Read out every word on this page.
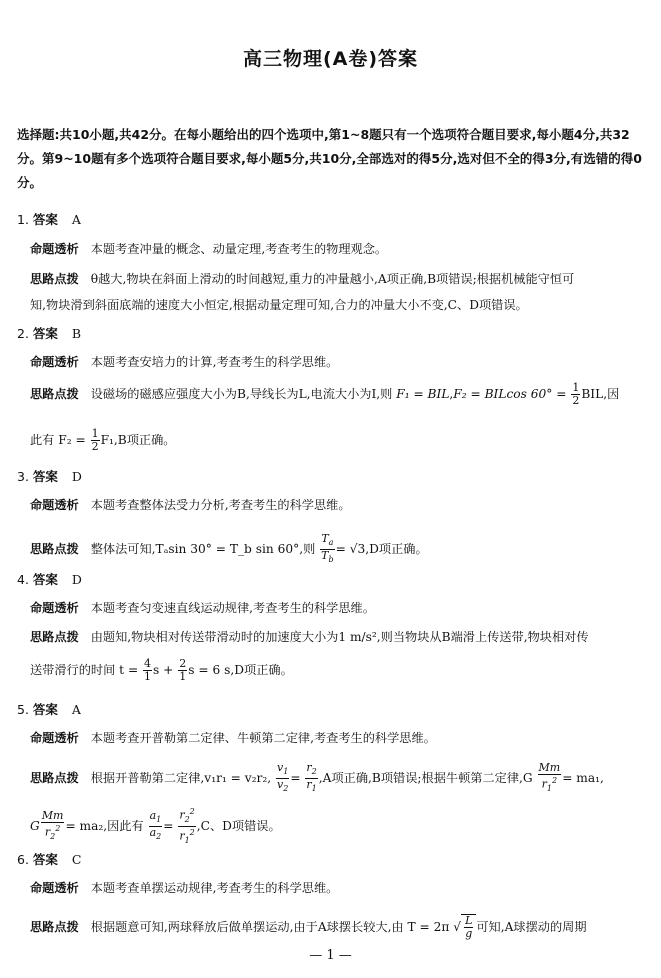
高三物理(A卷)答案
选择题:共10小题,共42分。在每小题给出的四个选项中,第1~8题只有一个选项符合题目要求,每小题4分,共32分。第9~10题有多个选项符合题目要求,每小题5分,共10分,全部选对的得5分,选对但不全的得3分,有选错的得0分。
1. 答案 A
命题透析 本题考查冲量的概念、动量定理,考查考生的物理观念。
思路点拨 θ越大,物块在斜面上滑动的时间越短,重力的冲量越小,A项正确,B项错误;根据机械能守恒可
知,物块滑到斜面底端的速度大小恒定,根据动量定理可知,合力的冲量大小不变,C、D项错误。
2. 答案 B
命题透析 本题考查安培力的计算,考查考生的科学思维。
思路点拨 设磁场的磁感应强度大小为B,导线长为L,电流大小为I,则 F₁ = BIL,F₂ = BILcos $60^\circ = \frac{1}{2}$ BIL,因
此有 $F_2 = \frac{1}{2} F_1,B$项正确。
3. 答案 D
命题透析 本题考查整体法受力分析,考查考生的科学思维。
思路点拨 整体法可知,Tₐsin 30° = T_b sin 60°,则 $\frac{T_a}{T_b} = √3,D$项正确。
4. 答案 D
命题透析 本题考查匀变速直线运动规律,考查考生的科学思维。
思路点拨 由题知,物块相对传送带滑动时的加速度大小为1 m/s²,则当物块从B端滑上传送带,物块相对传
送带滑行的时间 $t = \frac{4}{1}$ $s + \frac{2}{1}$ s = 6 s,D项正确。
5. 答案 A
命题透析 本题考查开普勒第二定律、牛顿第二定律,考查考生的科学思维。
思路点拨 根据开普勒第二定律,v₁r₁ = v₂r₂, $\frac{v_1}{v_2} = \frac{r_2}{r_1} ,A$项正确,B项错误;根据牛顿第二定律$,G \frac{Mm}{r_1^2} = ma_1$,
G $\frac{Mm}{r_2^2} = ma_2$,因此有 $\frac{a_1}{a_2} = \frac{r_2^2}{r_1^2} ,C$、D项错误。
6. 答案 C
命题透析 本题考查单摆运动规律,考查考生的科学思维。
思路点拨 根据题意可知,两球释放后做单摆运动,由于A球摆长较大,由 T = 2π √ $\frac{L}{g}$ 可知,A球摆动的周期
— 1 —
